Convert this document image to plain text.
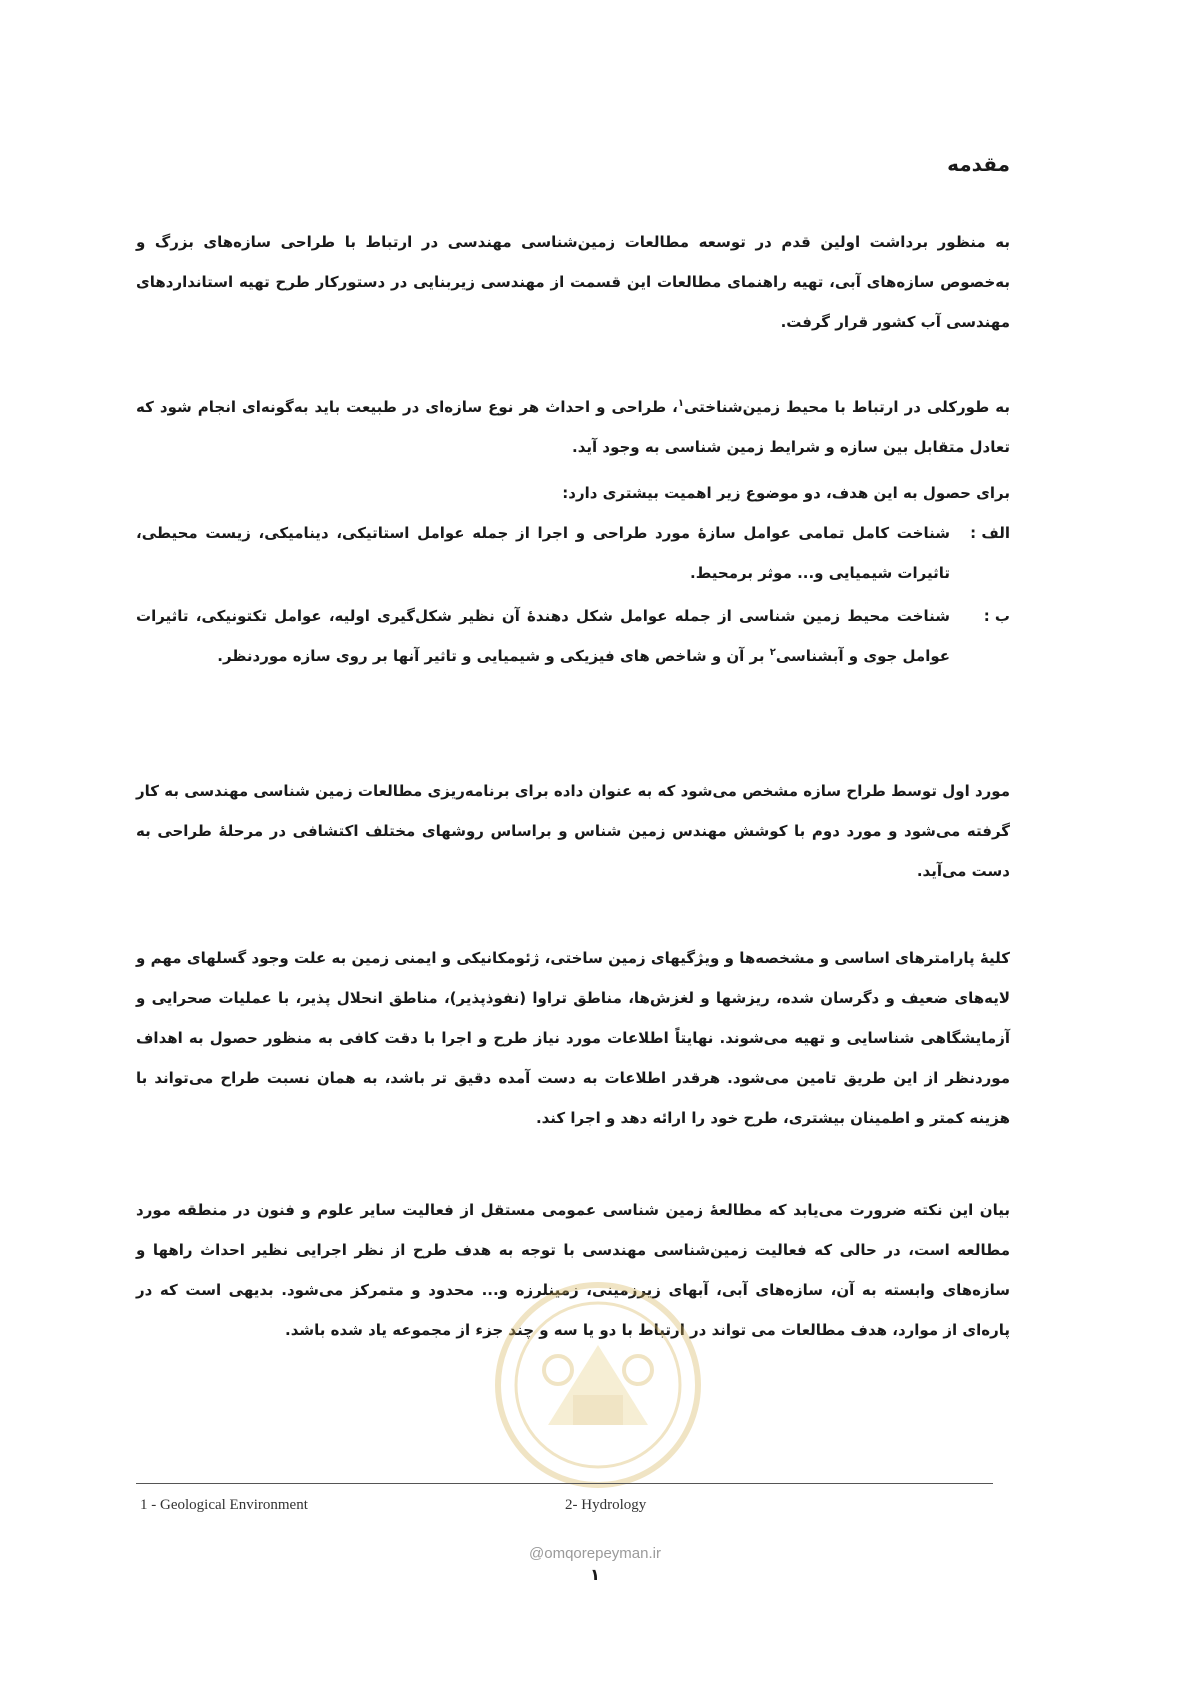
مقدمه

به منظور برداشت اولین قدم در توسعه مطالعات زمین‌شناسی مهندسی در ارتباط با طراحی سازه‌های بزرگ و به‌خصوص سازه‌های آبی، تهیه راهنمای مطالعات این قسمت از مهندسی زیربنایی در دستورکار طرح تهیه استانداردهای مهندسی آب کشور قرار گرفت.

به طورکلی در ارتباط با محیط زمین‌شناختی$^۱$، طراحی و احداث هر نوع سازه‌ای در طبیعت باید به‌گونه‌ای انجام شود که تعادل متقابل بین سازه و شرایط زمین شناسی به وجود آید.

برای حصول به این هدف، دو موضوع زیر اهمیت بیشتری دارد:

الف :
شناخت کامل تمامی عوامل سازۀ مورد طراحی و اجرا از جمله عوامل استاتیکی، دینامیکی، زیست محیطی، تاثیرات شیمیایی و... موثر برمحیط.
ب :
شناخت محیط زمین شناسی از جمله عوامل شکل دهندۀ آن نظیر شکل‌گیری اولیه، عوامل تکتونیکی، تاثیرات عوامل جوی و آبشناسی$^۲$ بر آن و شاخص های فیزیکی و شیمیایی و تاثیر آنها بر روی سازه موردنظر.

مورد اول توسط طراح سازه مشخص می‌شود که به عنوان داده برای برنامه‌ریزی مطالعات زمین شناسی مهندسی به کار گرفته می‌شود و مورد دوم با کوشش مهندس زمین شناس و براساس روشهای مختلف اکتشافی در مرحلۀ طراحی به دست می‌آید.

کلیۀ پارامترهای اساسی و مشخصه‌ها و ویژگیهای زمین ساختی، ژئومکانیکی و ایمنی زمین به علت وجود گسلهای مهم و لایه‌های ضعیف و دگرسان شده، ریزشها و لغزش‌ها، مناطق تراوا (نفوذپذیر)، مناطق انحلال پذیر، با عملیات صحرایی و آزمایشگاهی شناسایی و تهیه می‌شوند. نهایتاً اطلاعات مورد نیاز طرح و اجرا با دقت کافی به منظور حصول به اهداف موردنظر از این طریق تامین می‌شود. هرقدر اطلاعات به دست آمده دقیق تر باشد، به همان نسبت طراح می‌تواند با هزینه کمتر و اطمینان بیشتری، طرح خود را ارائه دهد و اجرا کند.

بیان این نکته ضرورت می‌یابد که مطالعۀ زمین شناسی عمومی مستقل از فعالیت سایر علوم و فنون در منطقه مورد مطالعه است، در حالی که فعالیت زمین‌شناسی مهندسی با توجه به هدف طرح از نظر اجرایی نظیر احداث راهها و سازه‌های وابسته به آن، سازه‌های آبی، آبهای زیرزمینی، زمینلرزه و... محدود و متمرکز می‌شود. بدیهی است که در پاره‌ای از موارد، هدف مطالعات می تواند در ارتباط با دو یا سه و چند جزء از مجموعه یاد شده باشد.

1 - Geological Environment	2- Hydrology
@omqorepeyman.ir
۱
